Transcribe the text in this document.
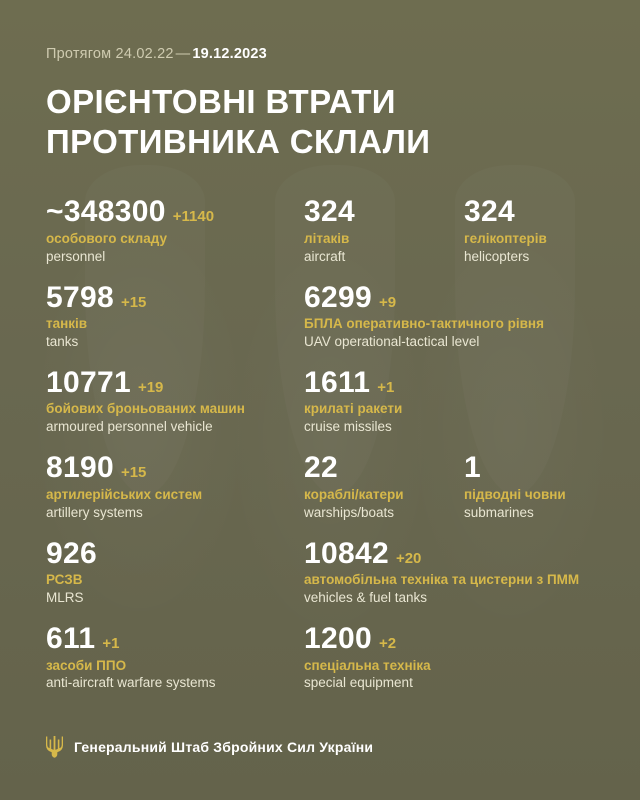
Протягом 24.02.22 — 19.12.2023
ОРІЄНТОВНІ ВТРАТИ
ПРОТИВНИКА СКЛАЛИ
~348300 +1140
особового складу
personnel
324
літаків
aircraft
324
гелікоптерів
helicopters
5798 +15
танків
tanks
6299 +9
БПЛА оперативно-тактичного рівня
UAV operational-tactical level
10771 +19
бойових броньованих машин
armoured personnel vehicle
1611 +1
крилаті ракети
cruise missiles
8190 +15
артилерійських систем
artillery systems
22
кораблі/катери
warships/boats
1
підводні човни
submarines
926
РСЗВ
MLRS
10842 +20
автомобільна техніка та цистерни з ПММ
vehicles & fuel tanks
611 +1
засоби ППО
anti-aircraft warfare systems
1200 +2
спеціальна техніка
special equipment
Генеральний Штаб Збройних Сил України
